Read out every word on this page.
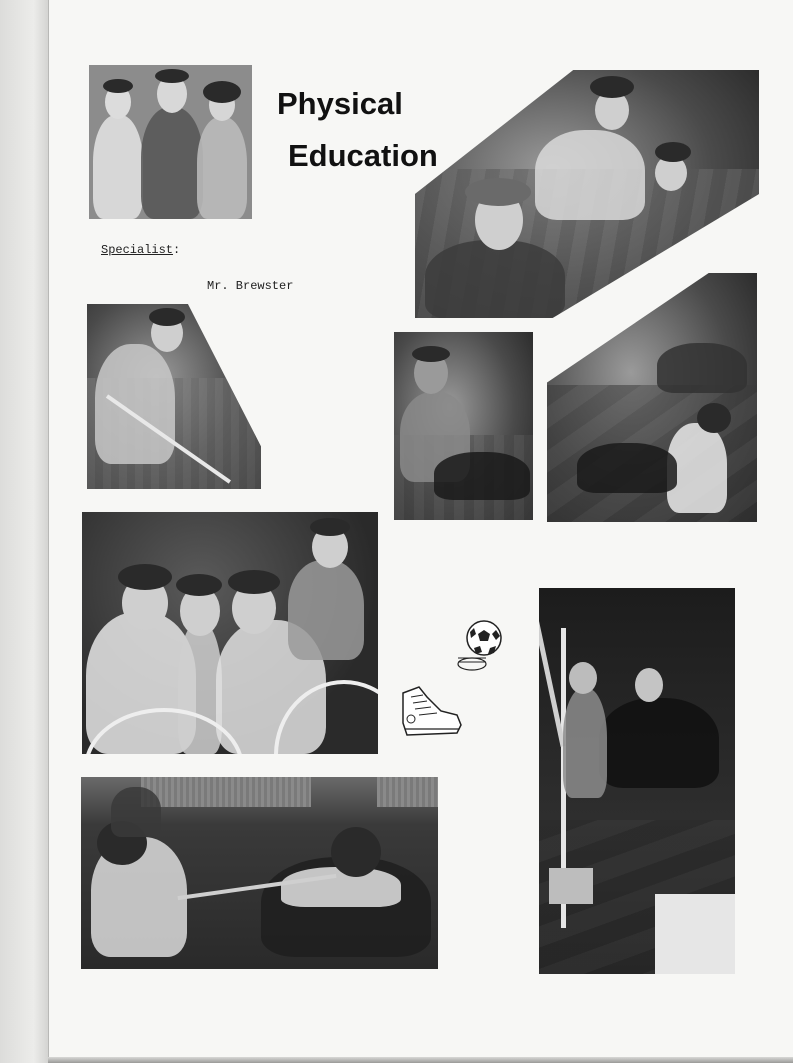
Physical
Education
Specialist:
Mr. Brewster
